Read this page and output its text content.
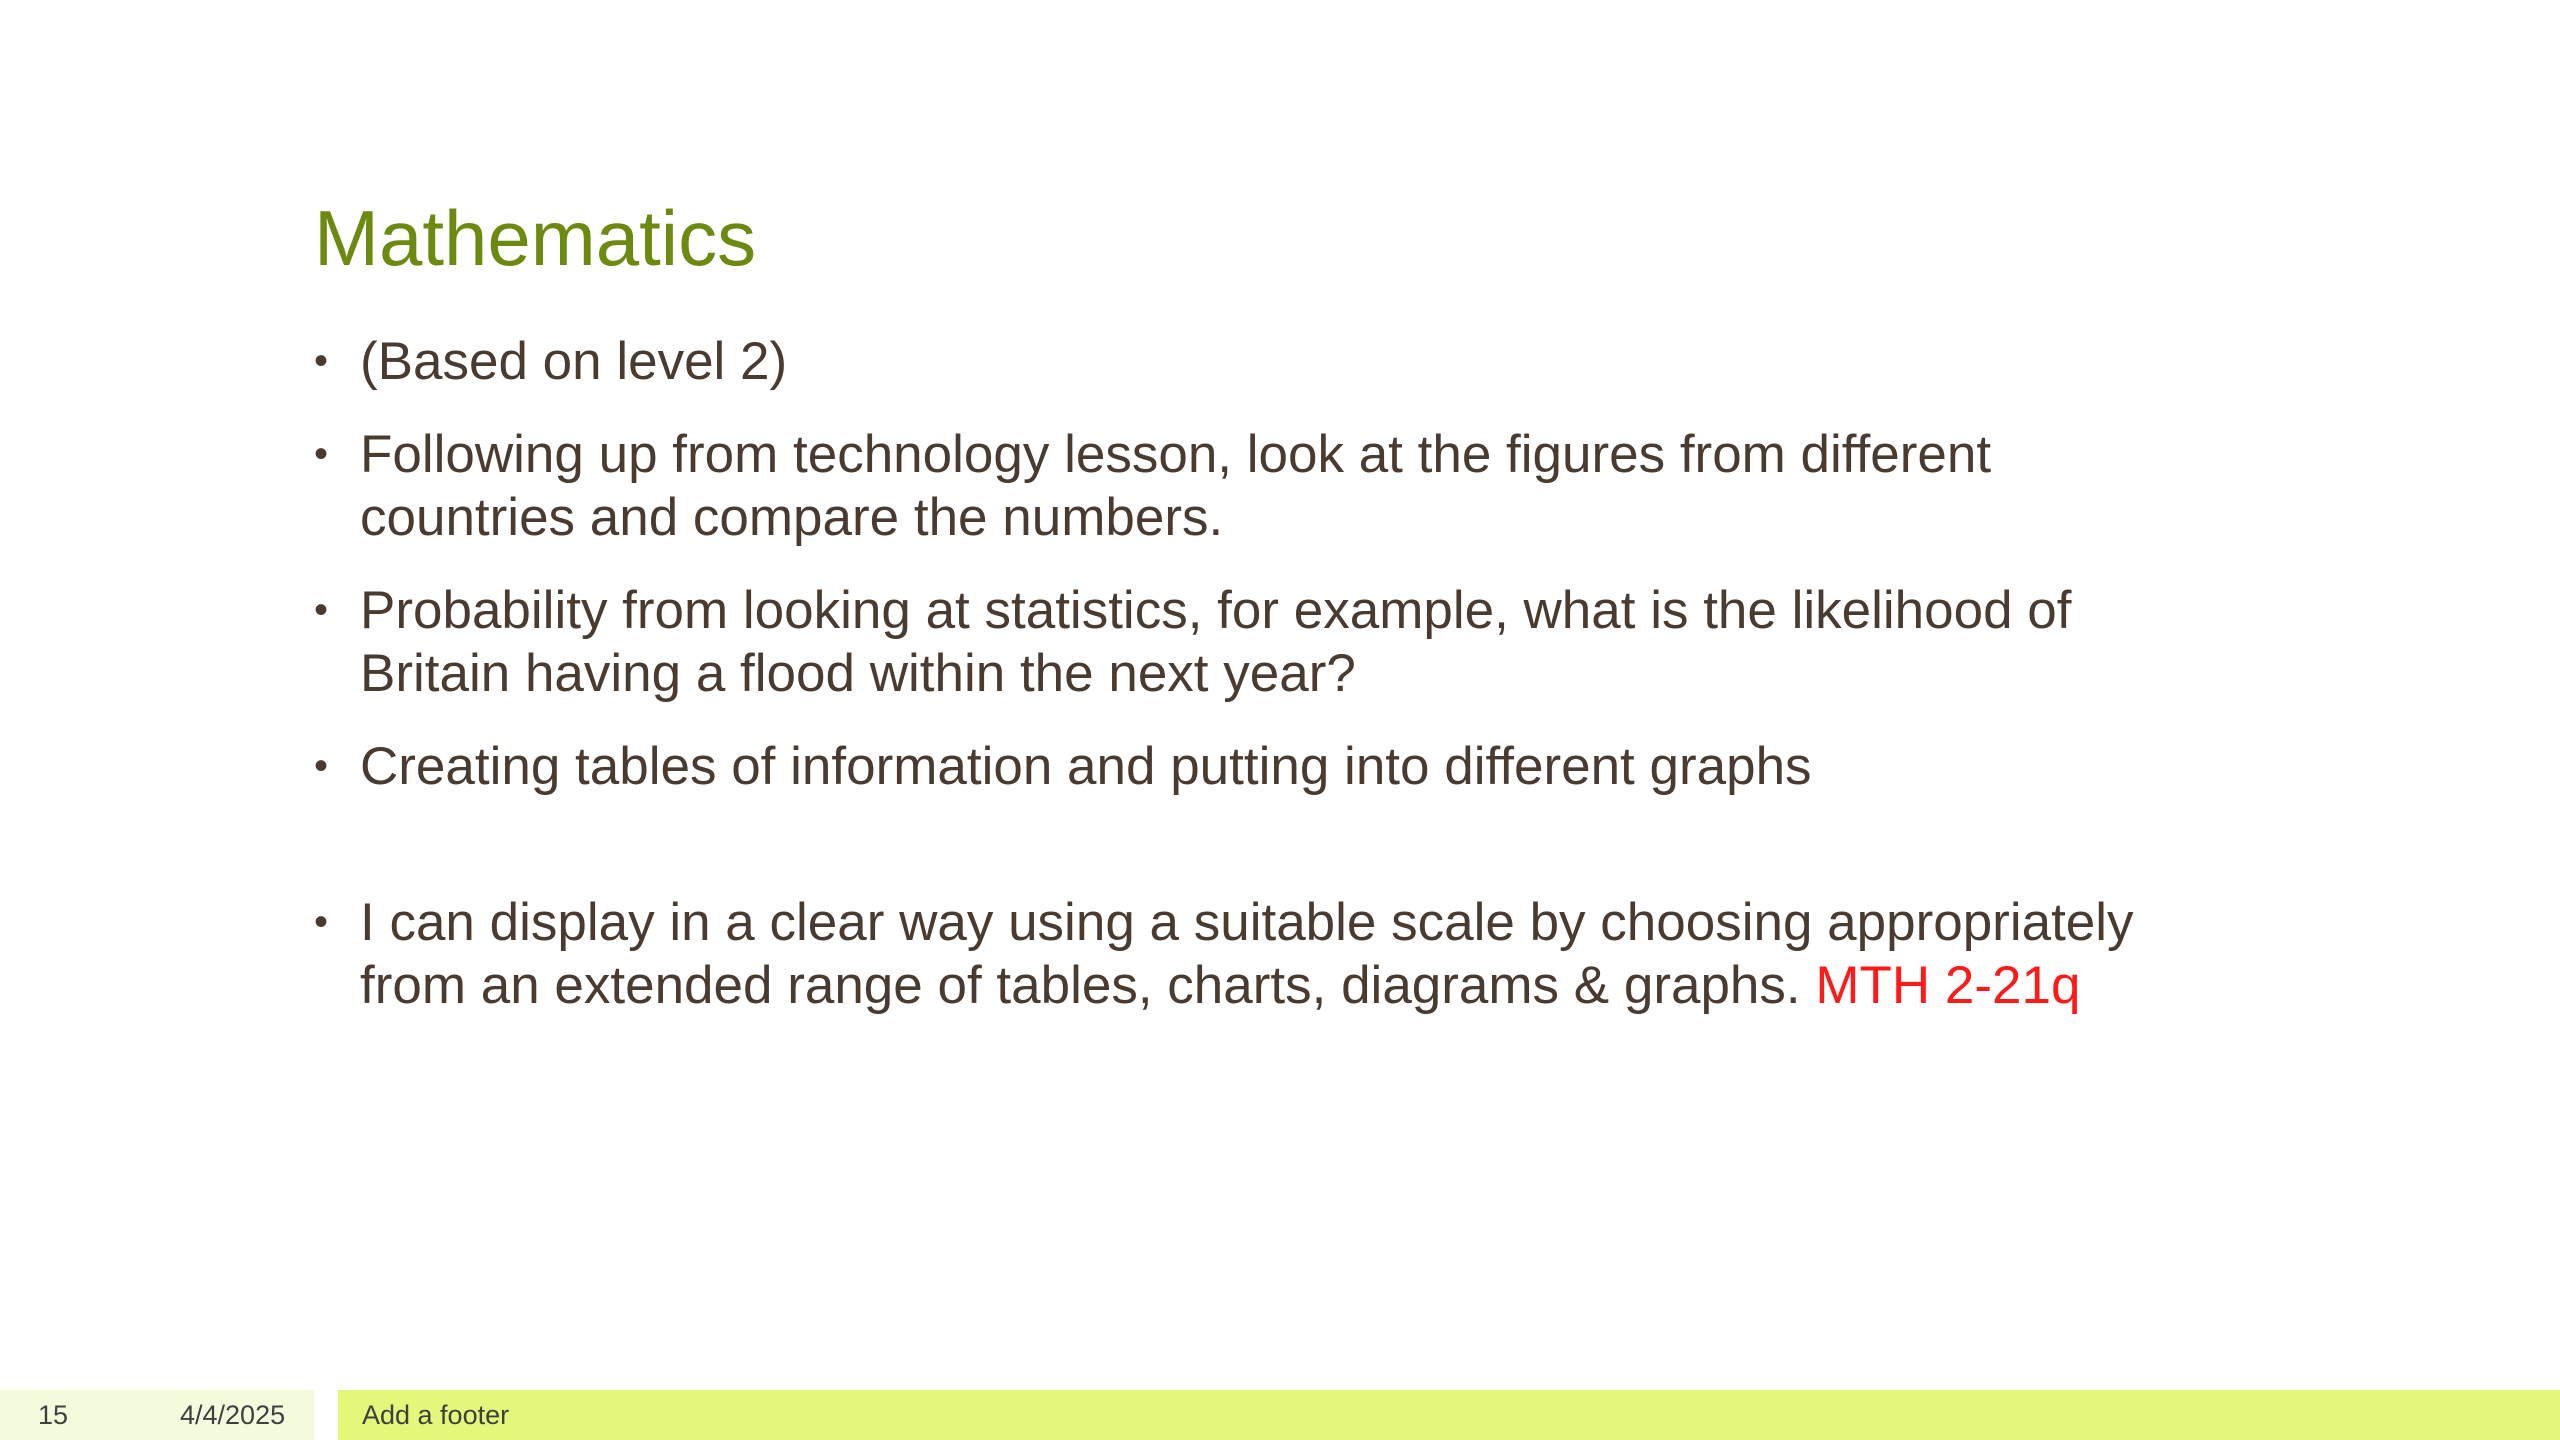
Mathematics
• (Based on level 2)
• Following up from technology lesson, look at the figures from different countries and compare the numbers.
• Probability from looking at statistics, for example, what is the likelihood of Britain having a flood within the next year?
• Creating tables of information and putting into different graphs
• I can display in a clear way using a suitable scale by choosing appropriately from an extended range of tables, charts, diagrams & graphs. MTH 2-21q
15	4/4/2025	Add a footer
